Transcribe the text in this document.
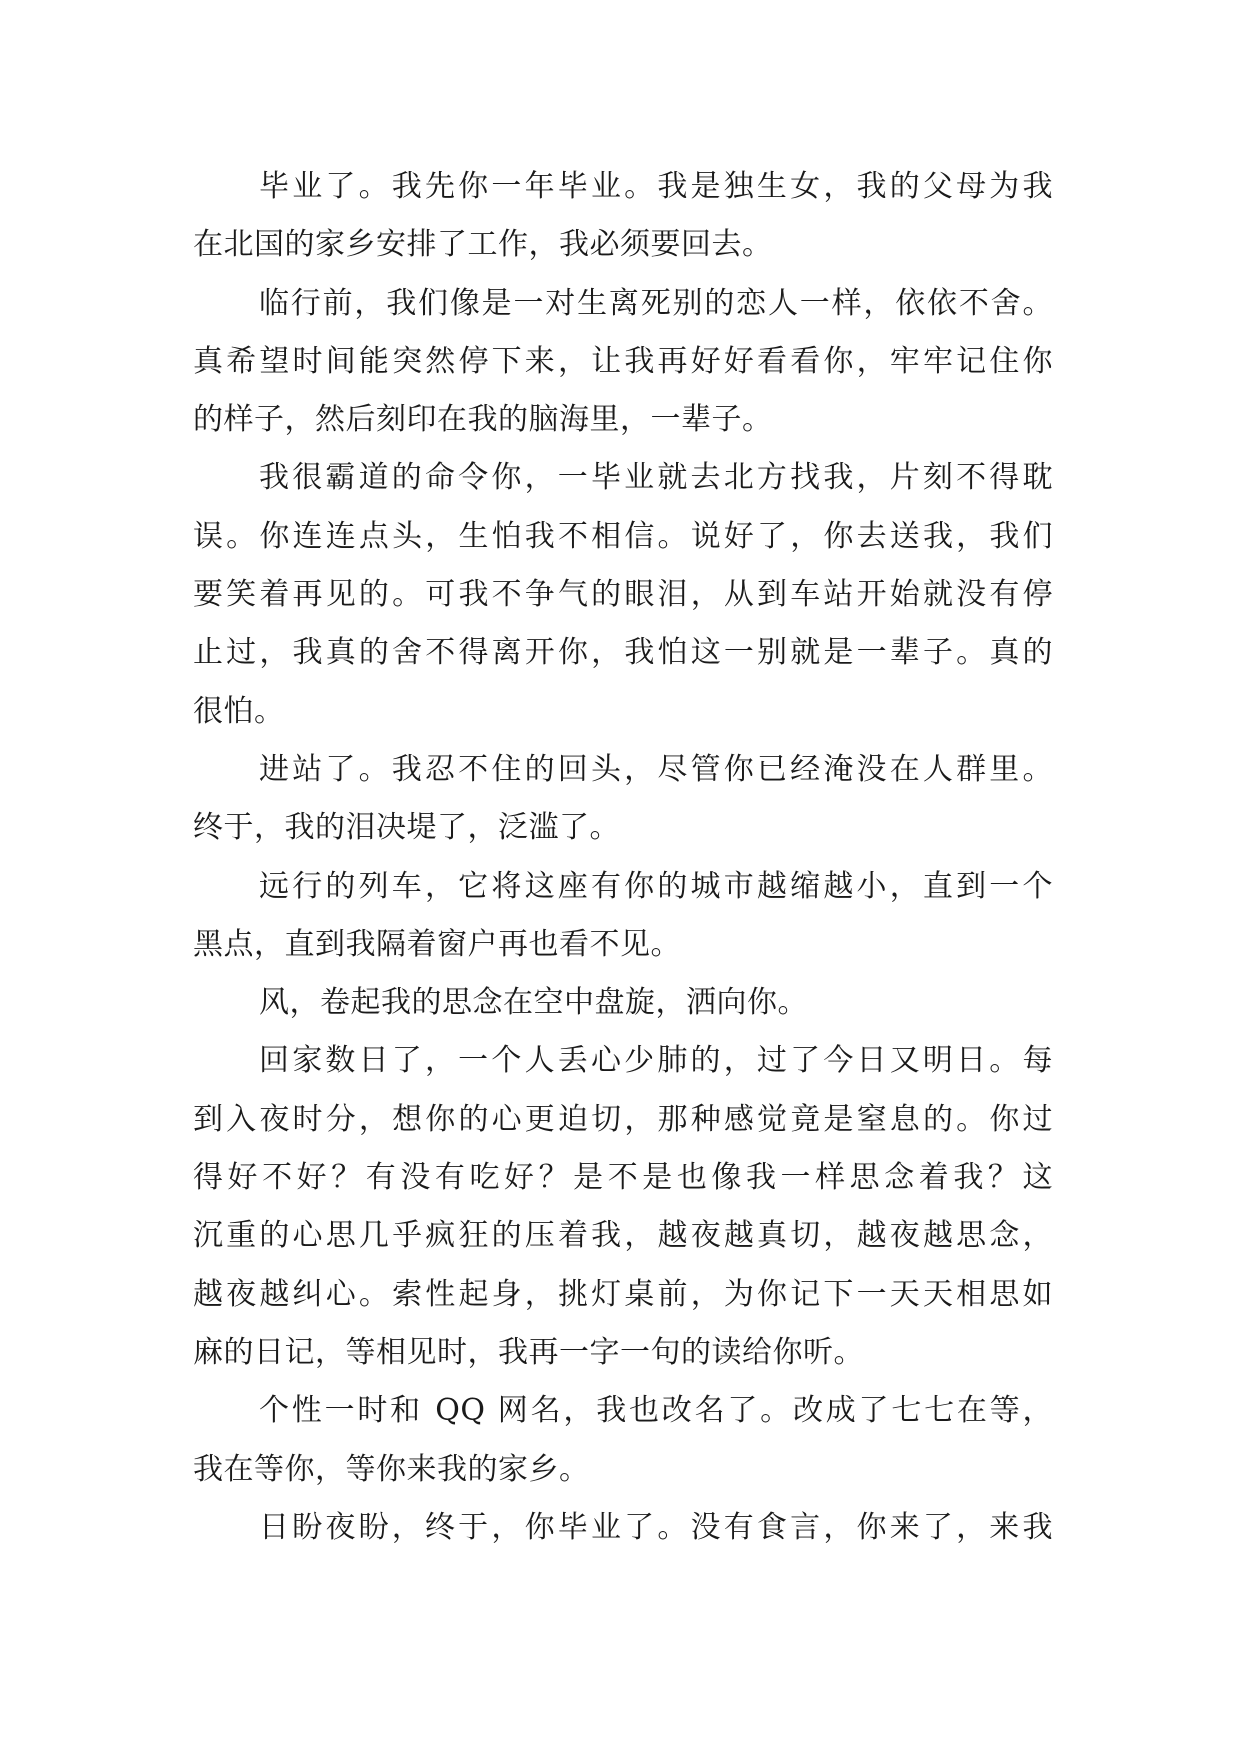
毕业了。我先你一年毕业。我是独生女，我的父母为我
在北国的家乡安排了工作，我必须要回去。
临行前，我们像是一对生离死别的恋人一样，依依不舍。
真希望时间能突然停下来，让我再好好看看你，牢牢记住你
的样子，然后刻印在我的脑海里，一辈子。
我很霸道的命令你，一毕业就去北方找我，片刻不得耽
误。你连连点头，生怕我不相信。说好了，你去送我，我们
要笑着再见的。可我不争气的眼泪，从到车站开始就没有停
止过，我真的舍不得离开你，我怕这一别就是一辈子。真的
很怕。
进站了。我忍不住的回头，尽管你已经淹没在人群里。
终于，我的泪决堤了，泛滥了。
远行的列车，它将这座有你的城市越缩越小，直到一个
黑点，直到我隔着窗户再也看不见。
风，卷起我的思念在空中盘旋，洒向你。
回家数日了，一个人丢心少肺的，过了今日又明日。每
到入夜时分，想你的心更迫切，那种感觉竟是窒息的。你过
得好不好？有没有吃好？是不是也像我一样思念着我？这
沉重的心思几乎疯狂的压着我，越夜越真切，越夜越思念，
越夜越纠心。索性起身，挑灯桌前，为你记下一天天相思如
麻的日记，等相见时，我再一字一句的读给你听。
个性一时和 QQ 网名，我也改名了。改成了七七在等，
我在等你，等你来我的家乡。
日盼夜盼，终于，你毕业了。没有食言，你来了，来我
